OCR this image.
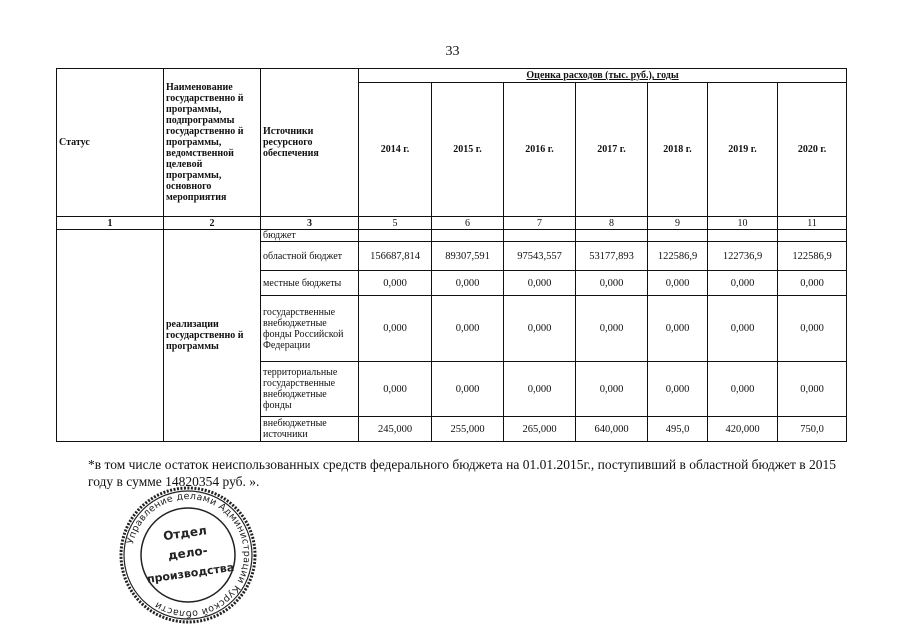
33
Статус	Наименование государственно й программы, подпрограммы государственно й программы, ведомственной целевой программы, основного мероприятия	Источники ресурсного обеспечения	Оценка расходов (тыс. руб.), годы						
			2014 г.	2015 г.	2016 г.	2017 г.	2018 г.	2019 г.	2020 г.
1	2	3	5	6	7	8	9	10	11
	реализации государственно й программы	бюджет							
		областной бюджет	156687,814	89307,591	97543,557	53177,893	122586,9	122736,9	122586,9
		местные бюджеты	0,000	0,000	0,000	0,000	0,000	0,000	0,000
		государственные внебюджетные фонды Российской Федерации	0,000	0,000	0,000	0,000	0,000	0,000	0,000
		территориальные государственные внебюджетные фонды	0,000	0,000	0,000	0,000	0,000	0,000	0,000
		внебюджетные источники	245,000	255,000	265,000	640,000	495,0	420,000	750,0
*в том числе остаток неиспользованных средств федерального бюджета на 01.01.2015г., поступивший в областной бюджет в 2015 году в сумме 14820354 руб. ».
Управление делами Администрации Курской области
Отдел
дело-
производства
